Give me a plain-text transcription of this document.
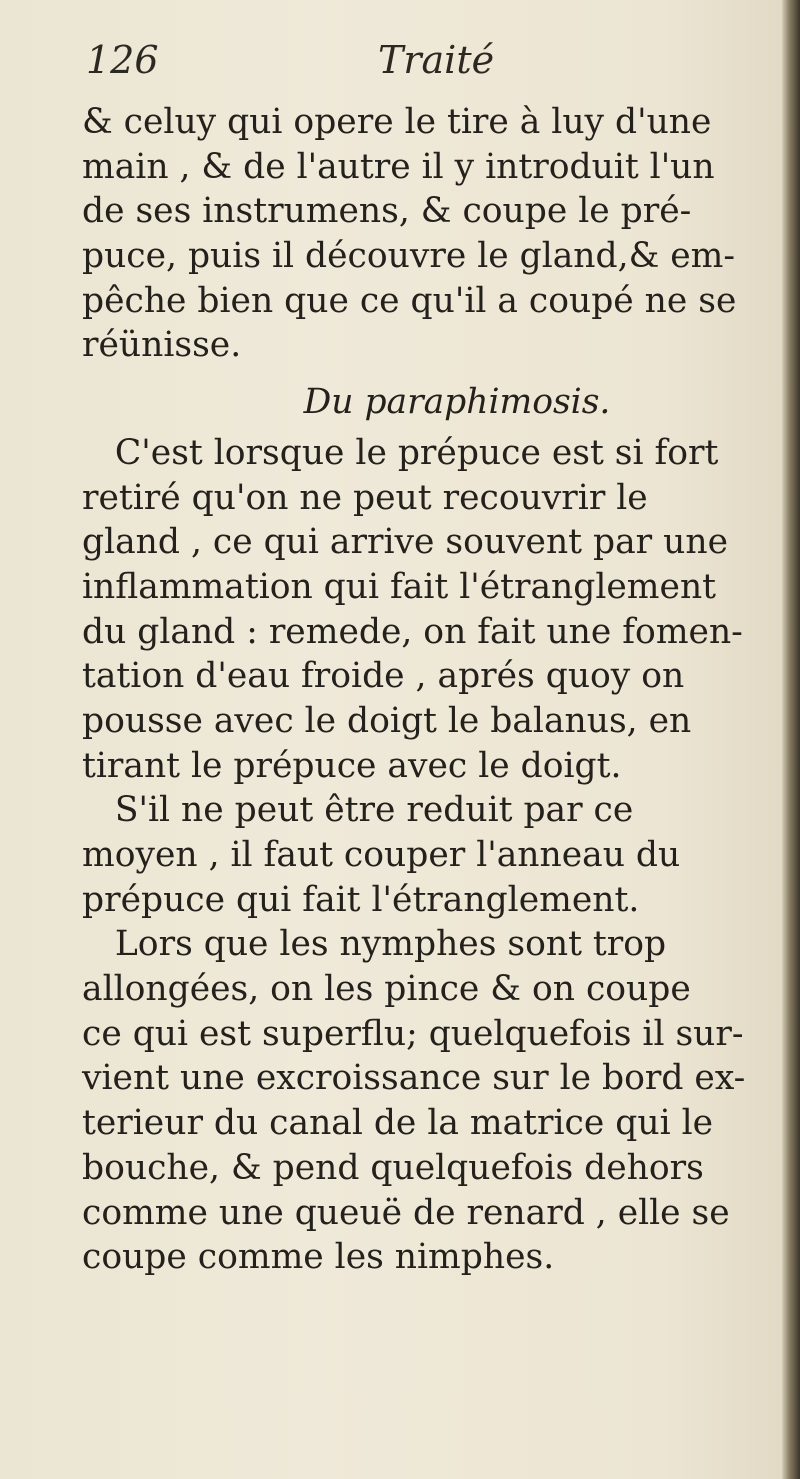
126	Traité
& celuy qui opere le tire à luy d'une
main , & de l'autre il y introduit l'un
de ses instrumens, & coupe le pré-
puce, puis il découvre le gland,& em-
pêche bien que ce qu'il a coupé ne se
réünisse.
Du paraphimosis.
C'est lorsque le prépuce est si fort
retiré qu'on ne peut recouvrir le
gland , ce qui arrive souvent par une
inflammation qui fait l'étranglement
du gland : remede, on fait une fomen-
tation d'eau froide , aprés quoy on
pousse avec le doigt le balanus, en
tirant le prépuce avec le doigt.
S'il ne peut être reduit par ce
moyen , il faut couper l'anneau du
prépuce qui fait l'étranglement.
Lors que les nymphes sont trop
allongées, on les pince & on coupe
ce qui est superflu; quelquefois il sur-
vient une excroissance sur le bord ex-
terieur du canal de la matrice qui le
bouche, & pend quelquefois dehors
comme une queuë de renard , elle se
coupe comme les nimphes.
